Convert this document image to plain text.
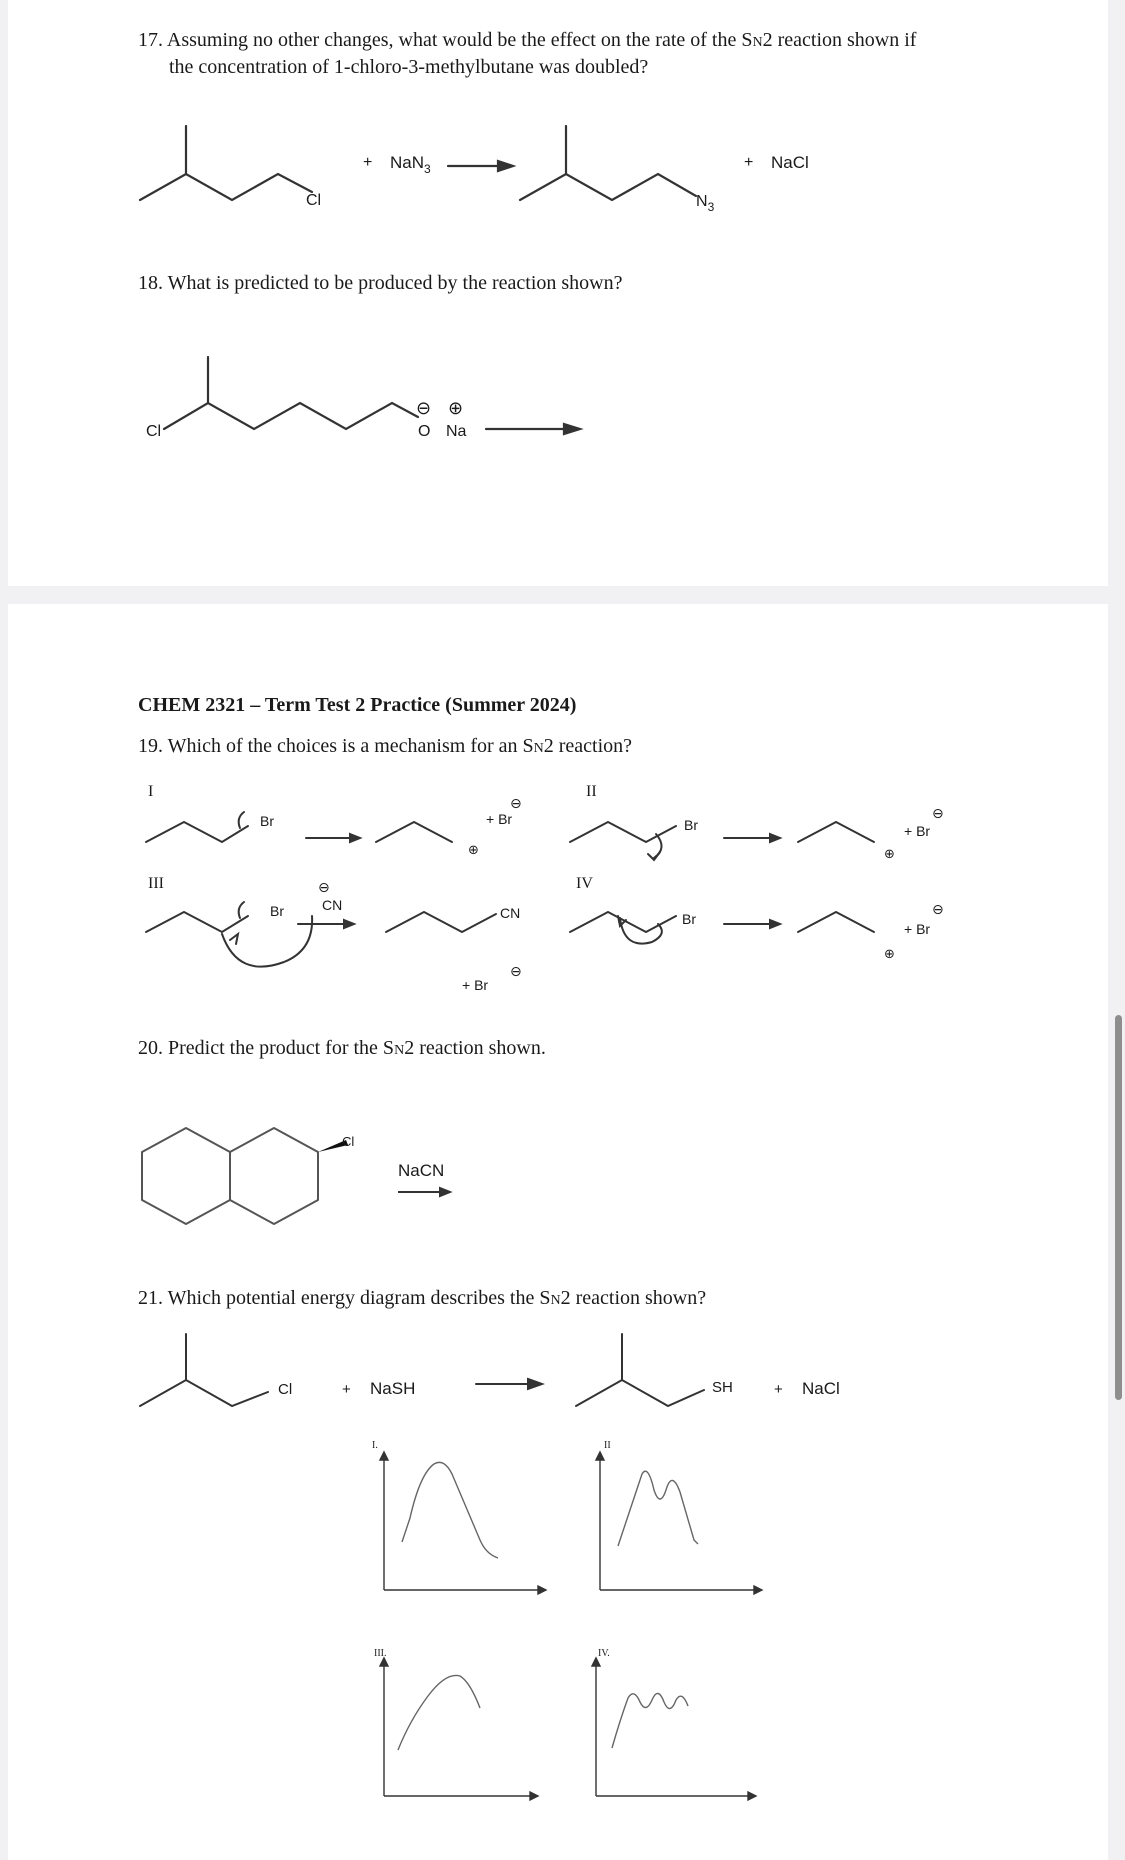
17. Assuming no other changes, what would be the effect on the rate of the SN2 reaction shown if
the concentration of 1-chloro-3-methylbutane was doubled?

Cl
+ NaN$_3$
$N_3$
+ NaCl

18. What is predicted to be produced by the reaction shown?

Cl	O
⊖ ⊕
Na

CHEM 2321 – Term Test 2 Practice (Summer 2024)

19. Which of the choices is a mechanism for an SN2 reaction?

I	II
III	IV
Br
⊖
+ Br
⊕
Br
⊖
+ Br
⊕
Br
⊖
CN	CN
+ Br
⊖
Br
⊖
+ Br
⊕

20. Predict the product for the SN2 reaction shown.

Cl
NaCN

21. Which potential energy diagram describes the SN2 reaction shown?

Cl	+ NaSH	SH	+ NaCl
I.	II
III.	IV.
